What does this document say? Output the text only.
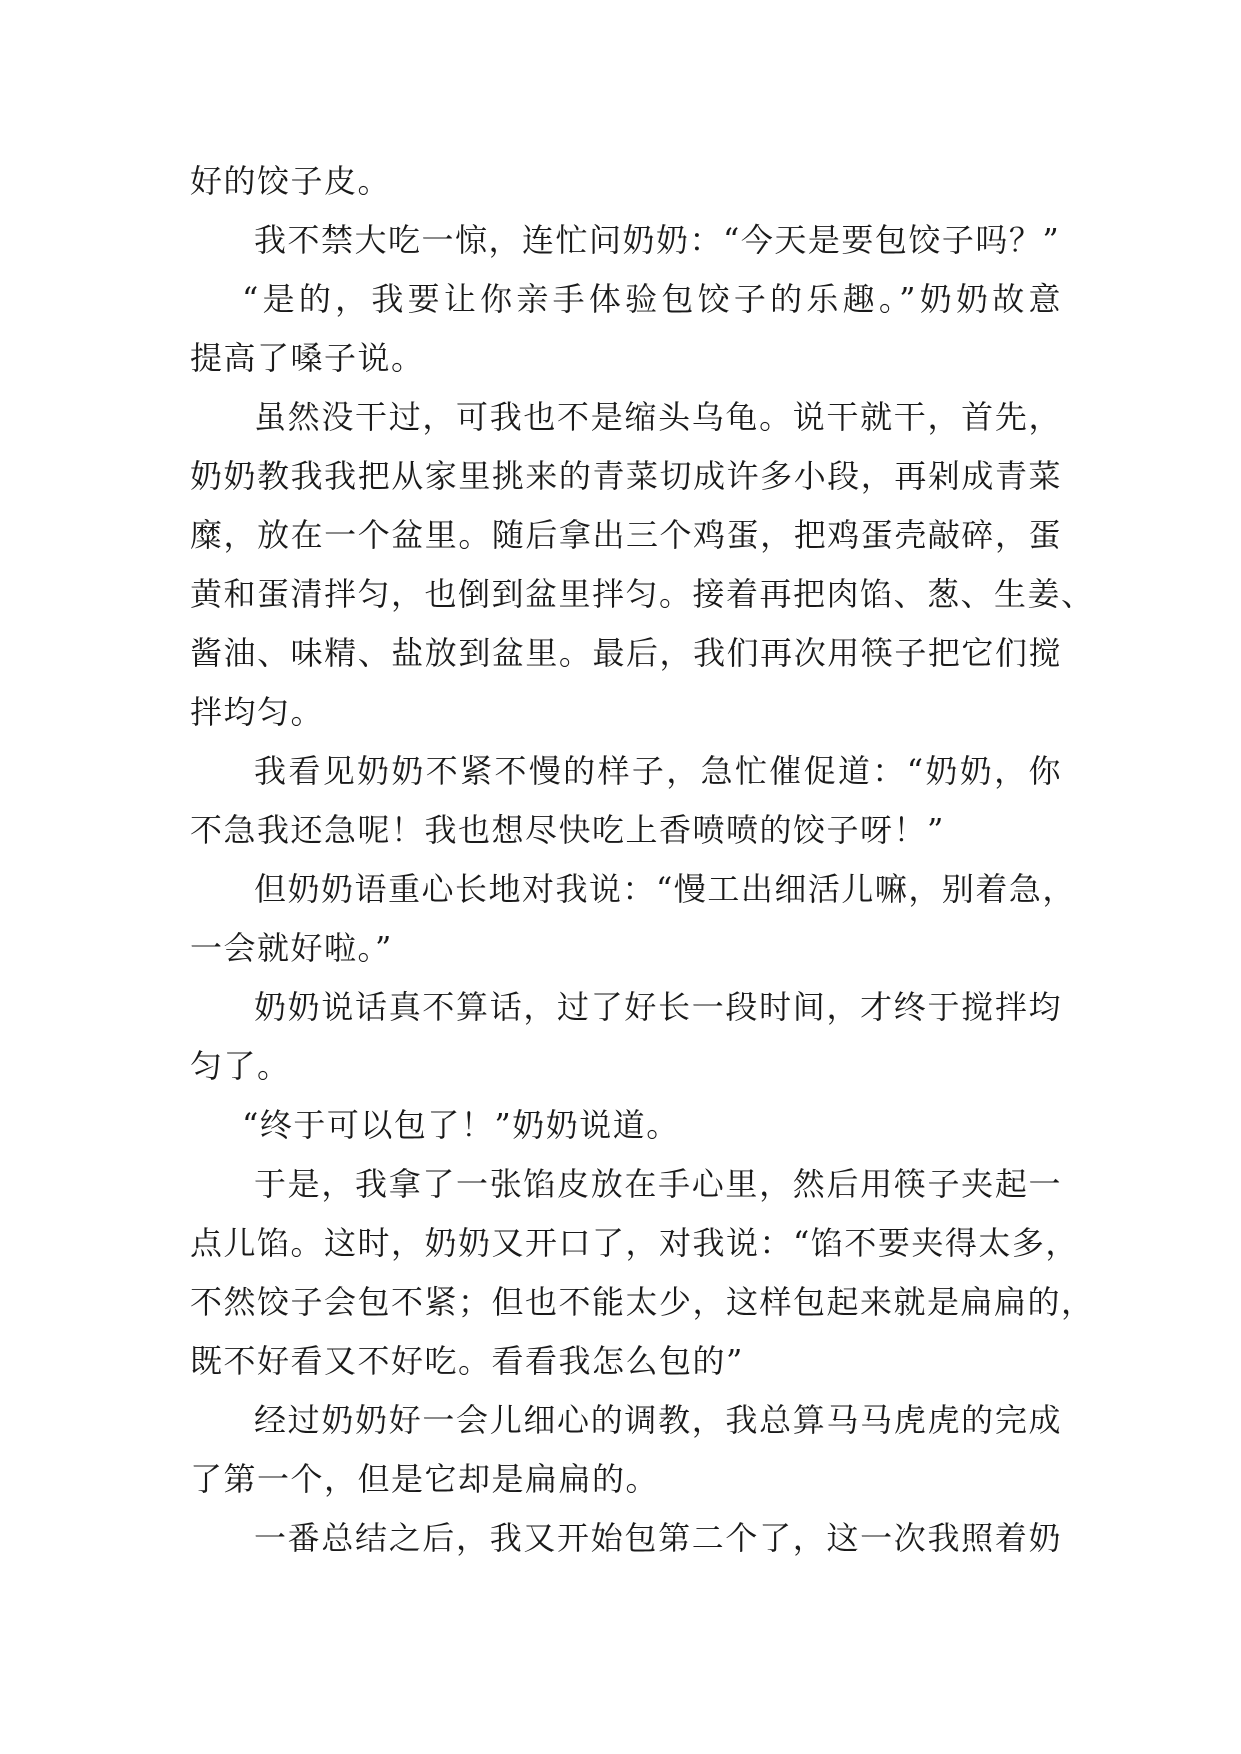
好的饺子皮。
我不禁大吃一惊，连忙问奶奶：“今天是要包饺子吗？”
“是的，我要让你亲手体验包饺子的乐趣。”奶奶故意
提高了嗓子说。
虽然没干过，可我也不是缩头乌龟。说干就干，首先，
奶奶教我我把从家里挑来的青菜切成许多小段，再剁成青菜
糜，放在一个盆里。随后拿出三个鸡蛋，把鸡蛋壳敲碎，蛋
黄和蛋清拌匀，也倒到盆里拌匀。接着再把肉馅、葱、生姜、
酱油、味精、盐放到盆里。最后，我们再次用筷子把它们搅
拌均匀。
我看见奶奶不紧不慢的样子，急忙催促道：“奶奶，你
不急我还急呢！我也想尽快吃上香喷喷的饺子呀！”
但奶奶语重心长地对我说：“慢工出细活儿嘛，别着急，
一会就好啦。”
奶奶说话真不算话，过了好长一段时间，才终于搅拌均
匀了。
“终于可以包了！”奶奶说道。
于是，我拿了一张馅皮放在手心里，然后用筷子夹起一
点儿馅。这时，奶奶又开口了，对我说：“馅不要夹得太多，
不然饺子会包不紧；但也不能太少，这样包起来就是扁扁的，
既不好看又不好吃。看看我怎么包的”
经过奶奶好一会儿细心的调教，我总算马马虎虎的完成
了第一个，但是它却是扁扁的。
一番总结之后，我又开始包第二个了，这一次我照着奶
